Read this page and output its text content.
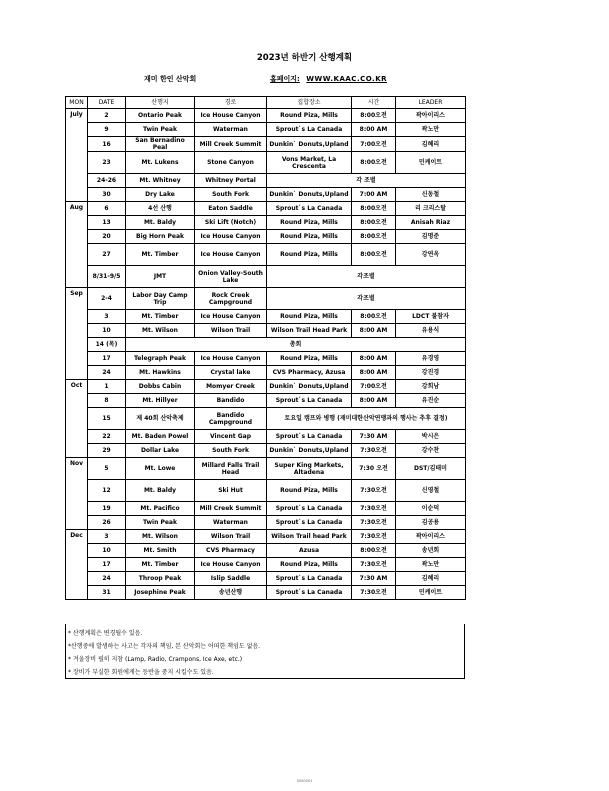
2023년 하반기 산행계획
재미 한인 산악회	홈페이지: WWW.KAAC.CO.KR
MON	DATE	산행지	경로	집합장소	시간	LEADER
July	2	Ontario Peak	Ice House Canyon	Round Piza, Mills	8:00오전	곽아이리스
	9	Twin Peak	Waterman	Sprout`s La Canada	8:00 AM	곽노만
	16	San Bernadino Peal	Mill Creek Summit	Dunkin` Donuts,Upland	7:00오전	김혜리
	23	Mt. Lukens	Stone Canyon	Vons Market, La Crescenta	8:00오전	민케이트
	24-26	Mt. Whitney	Whitney Portal	각 조별		
	30	Dry Lake	South Fork	Dunkin` Donuts,Upland	7:00 AM	신동철
Aug	6	4선 산행	Eaton Saddle	Sprout`s La Canada	8:00오전	리 크리스탈
	13	Mt. Baldy	Ski Lift (Notch)	Round Piza, Mills	8:00오전	Anisah Riaz
	20	Big Horn Peak	Ice House Canyon	Round Piza, Mills	8:00오전	김명준
	27	Mt. Timber	Ice House Canyon	Round Piza, Mills	8:00오전	강연옥
	8/31-9/5	JMT	Onion Valley-South Lake	각조별		
Sep	2-4	Labor Day Camp Trip	Rock Creek Campground	각조별		
	3	Mt. Timber	Ice House Canyon	Round Piza, Mills	8:00오전	LDCT 불참자
	10	Mt. Wilson	Wilson Trail	Wilson Trail Head Park	8:00 AM	유용식
	14 (목)	총회				
	17	Telegraph Peak	Ice House Canyon	Round Piza, Mills	8:00 AM	유경영
	24	Mt. Hawkins	Crystal lake	CVS Pharmacy, Azusa	8:00 AM	강진경
Oct	1	Dobbs Cabin	Momyer Creek	Dunkin` Donuts,Upland	7:00오전	강희남
	8	Mt. Hillyer	Bandido	Sprout`s La Canada	8:00 AM	유진순
	15	제 40회 산악축제	Bandido Campground	토요일 캠프와 병행 (재미대한산악연맹과의 행사는 추후 결정)		
	22	Mt. Baden Powel	Vincent Gap	Sprout`s La Canada	7:30 AM	박시은
	29	Dollar Lake	South Fork	Dunkin` Donuts,Upland	7:30오전	강수찬
Nov	5	Mt. Lowe	Millard Falls Trail Head	Super King Markets, Altadena	7:30 오전	DST/김태미
	12	Mt. Baldy	Ski Hut	Round Piza, Mills	7:30오전	신영철
	19	Mt. Pacifico	Mill Creek Summit	Sprout`s La Canada	7:30오전	이순덕
	26	Twin Peak	Waterman	Sprout`s La Canada	7:30오전	김공용
Dec	3	Mt. Wilson	Wilson Trail	Wilson Trail head Park	7:30오전	곽아이리스
	10	Mt. Smith	CVS Pharmacy	Azusa	8:00오전	송년회
	17	Mt. Timber	Ice House Canyon	Round Piza, Mills	7:30오전	곽노만
	24	Throop Peak	Islip Saddle	Sprout`s La Canada	7:30 AM	김혜리
	31	Josephine Peak	송년산행	Sprout`s La Canada	7:30오전	민케이트
* 산행계획은 변경될수 있음.
*산행중에 발생하는 사고는 각자의 책임, 본 산악회는 어떠한 책임도 없음.
* 겨울장비 필히 지참 (Lamp, Radio, Crampons, Ice Axe, etc.)
* 장비가 부실한 회원에게는 등반을 중지 시킬수도 있음.
0000001
